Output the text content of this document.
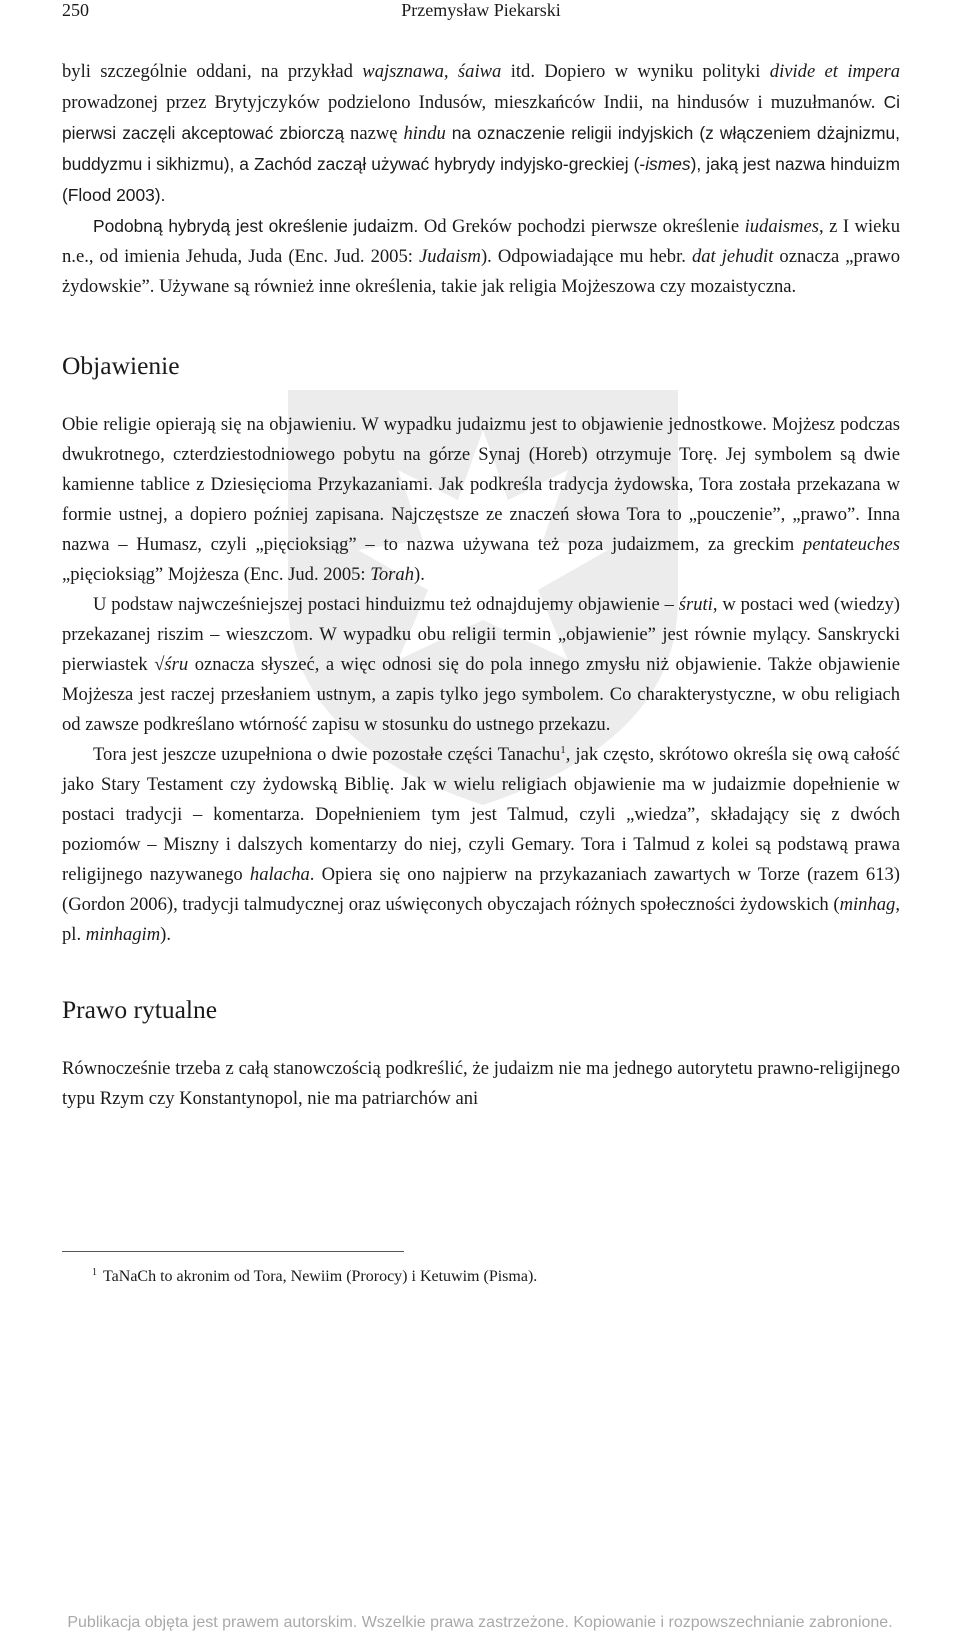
250	Przemysław Piekarski

byli szczególnie oddani, na przykład wajsznawa, śaiwa itd. Dopiero w wyniku polityki divide et impera prowadzonej przez Brytyjczyków podzielono Indusów, mieszkańców Indii, na hindusów i muzułmanów. Ci pierwsi zaczęli akceptować zbiorczą nazwę hindu na oznaczenie religii indyjskich (z włączeniem dżajnizmu, buddyzmu i sikhizmu), a Zachód zaczął używać hybrydy indyjsko-greckiej (-ismes), jaką jest nazwa hinduizm (Flood 2003).

Podobną hybrydą jest określenie judaizm. Od Greków pochodzi pierwsze określenie iudaismes, z I wieku n.e., od imienia Jehuda, Juda (Enc. Jud. 2005: Judaism). Odpowiadające mu hebr. dat jehudit oznacza „prawo żydowskie”. Używane są również inne określenia, takie jak religia Mojżeszowa czy mozaistyczna.

Objawienie

Obie religie opierają się na objawieniu. W wypadku judaizmu jest to objawienie jednostkowe. Mojżesz podczas dwukrotnego, czterdziestodniowego pobytu na górze Synaj (Horeb) otrzymuje Torę. Jej symbolem są dwie kamienne tablice z Dziesięcioma Przykazaniami. Jak podkreśla tradycja żydowska, Tora została przekazana w formie ustnej, a dopiero poźniej zapisana. Najczęstsze ze znaczeń słowa Tora to „pouczenie”, „prawo”. Inna nazwa – Humasz, czyli „pięcioksiąg” – to nazwa używana też poza judaizmem, za greckim pentateuches „pięcioksiąg” Mojżesza (Enc. Jud. 2005: Torah).

U podstaw najwcześniejszej postaci hinduizmu też odnajdujemy objawienie – śruti, w postaci wed (wiedzy) przekazanej riszim – wieszczom. W wypadku obu religii termin „objawienie” jest równie mylący. Sanskrycki pierwiastek √śru oznacza słyszeć, a więc odnosi się do pola innego zmysłu niż objawienie. Także objawienie Mojżesza jest raczej przesłaniem ustnym, a zapis tylko jego symbolem. Co charakterystyczne, w obu religiach od zawsze podkreślano wtórność zapisu w stosunku do ustnego przekazu.

Tora jest jeszcze uzupełniona o dwie pozostałe części Tanachu$^1$, jak często, skrótowo określa się ową całość jako Stary Testament czy żydowską Biblię. Jak w wielu religiach objawienie ma w judaizmie dopełnienie w postaci tradycji – komentarza. Dopełnieniem tym jest Talmud, czyli „wiedza”, składający się z dwóch poziomów – Miszny i dalszych komentarzy do niej, czyli Gemary. Tora i Talmud z kolei są podstawą prawa religijnego nazywanego halacha. Opiera się ono najpierw na przykazaniach zawartych w Torze (razem 613) (Gordon 2006), tradycji talmudycznej oraz uświęconych obyczajach różnych społeczności żydowskich (minhag, pl. minhagim).

Prawo rytualne

Równocześnie trzeba z całą stanowczością podkreślić, że judaizm nie ma jednego autorytetu prawno-religijnego typu Rzym czy Konstantynopol, nie ma patriarchów ani

$^1$ TaNaCh to akronim od Tora, Newiim (Prorocy) i Ketuwim (Pisma).
Publikacja objęta jest prawem autorskim. Wszelkie prawa zastrzeżone. Kopiowanie i rozpowszechnianie zabronione.
